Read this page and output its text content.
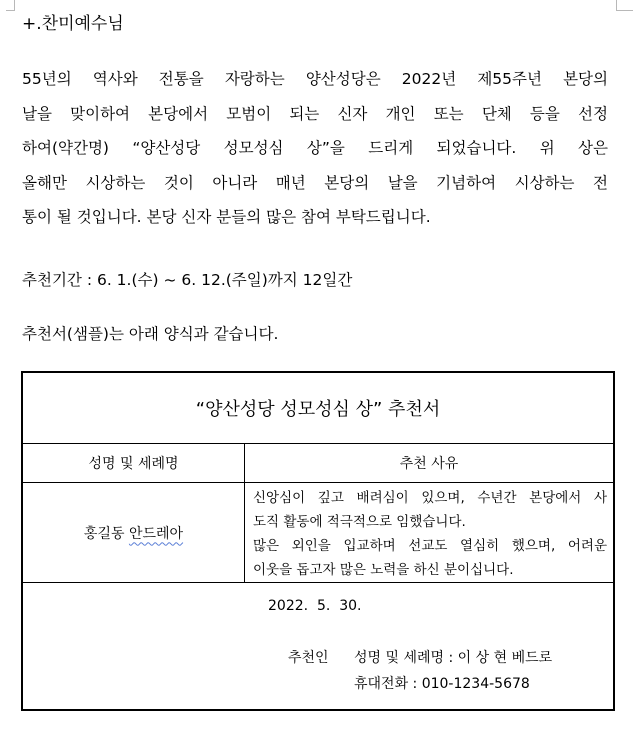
+.찬미예수님
55년의 역사와 전통을 자랑하는 양산성당은 2022년 제55주년 본당의
날을 맞이하여 본당에서 모범이 되는 신자 개인 또는 단체 등을 선정
하여(약간명) “양산성당 성모성심 상”을 드리게 되었습니다. 위 상은
올해만 시상하는 것이 아니라 매년 본당의 날을 기념하여 시상하는 전
통이 될 것입니다. 본당 신자 분들의 많은 참여 부탁드립니다.
추천기간 : 6. 1.(수) ~ 6. 12.(주일)까지 12일간
추천서(샘플)는 아래 양식과 같습니다.
“양산성당 성모성심 상” 추천서
성명 및 세례명	추천 사유
홍길동
안드레아
신앙심이 깊고 배려심이 있으며, 수년간 본당에서 사
도직 활동에 적극적으로 임했습니다.
많은 외인을 입교하며 선교도 열심히 했으며, 어려운
이웃을 돕고자 많은 노력을 하신 분이십니다.
2022.  5.  30.
추천인 성명 및 세례명 : 이 상 현 베드로
휴대전화 : 010-1234-5678
